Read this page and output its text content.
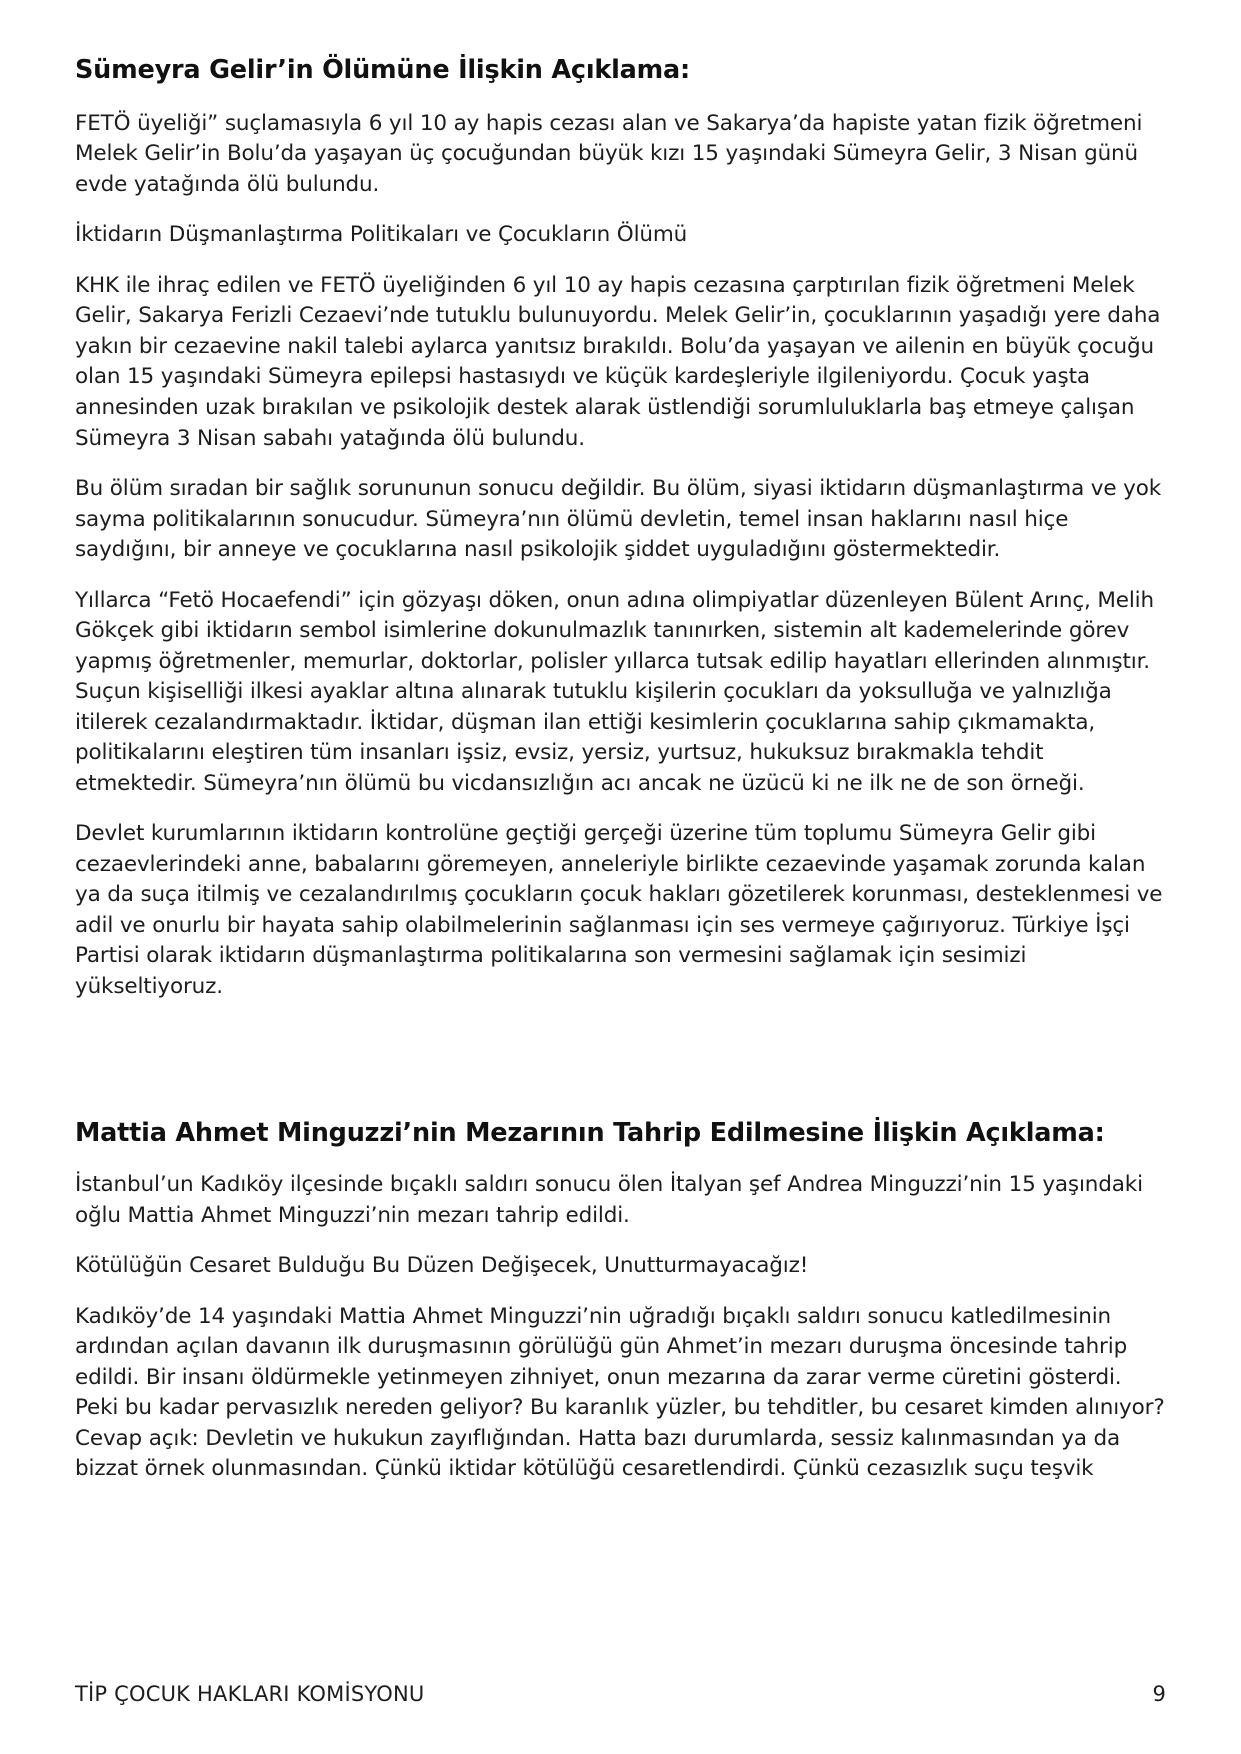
Sümeyra Gelir’in Ölümüne İlişkin Açıklama:

FETÖ üyeliği” suçlamasıyla 6 yıl 10 ay hapis cezası alan ve Sakarya’da hapiste yatan fizik öğretmeni Melek Gelir’in Bolu’da yaşayan üç çocuğundan büyük kızı 15 yaşındaki Sümeyra Gelir, 3 Nisan günü evde yatağında ölü bulundu.

İktidarın Düşmanlaştırma Politikaları ve Çocukların Ölümü

KHK ile ihraç edilen ve FETÖ üyeliğinden 6 yıl 10 ay hapis cezasına çarptırılan fizik öğretmeni Melek Gelir, Sakarya Ferizli Cezaevi’nde tutuklu bulunuyordu. Melek Gelir’in, çocuklarının yaşadığı yere daha yakın bir cezaevine nakil talebi aylarca yanıtsız bırakıldı. Bolu’da yaşayan ve ailenin en büyük çocuğu olan 15 yaşındaki Sümeyra epilepsi hastasıydı ve küçük kardeşleriyle ilgileniyordu. Çocuk yaşta annesinden uzak bırakılan ve psikolojik destek alarak üstlendiği sorumluluklarla baş etmeye çalışan Sümeyra 3 Nisan sabahı yatağında ölü bulundu.

Bu ölüm sıradan bir sağlık sorununun sonucu değildir. Bu ölüm, siyasi iktidarın düşmanlaştırma ve yok sayma politikalarının sonucudur. Sümeyra’nın ölümü devletin, temel insan haklarını nasıl hiçe saydığını, bir anneye ve çocuklarına nasıl psikolojik şiddet uyguladığını göstermektedir.

Yıllarca “Fetö Hocaefendi” için gözyaşı döken, onun adına olimpiyatlar düzenleyen Bülent Arınç, Melih Gökçek gibi iktidarın sembol isimlerine dokunulmazlık tanınırken, sistemin alt kademelerinde görev yapmış öğretmenler, memurlar, doktorlar, polisler yıllarca tutsak edilip hayatları ellerinden alınmıştır. Suçun kişiselliği ilkesi ayaklar altına alınarak tutuklu kişilerin çocukları da yoksulluğa ve yalnızlığa itilerek cezalandırmaktadır. İktidar, düşman ilan ettiği kesimlerin çocuklarına sahip çıkmamakta, politikalarını eleştiren tüm insanları işsiz, evsiz, yersiz, yurtsuz, hukuksuz bırakmakla tehdit etmektedir. Sümeyra’nın ölümü bu vicdansızlığın acı ancak ne üzücü ki ne ilk ne de son örneği.

Devlet kurumlarının iktidarın kontrolüne geçtiği gerçeği üzerine tüm toplumu Sümeyra Gelir gibi cezaevlerindeki anne, babalarını göremeyen, anneleriyle birlikte cezaevinde yaşamak zorunda kalan ya da suça itilmiş ve cezalandırılmış çocukların çocuk hakları gözetilerek korunması, desteklenmesi ve adil ve onurlu bir hayata sahip olabilmelerinin sağlanması için ses vermeye çağırıyoruz. Türkiye İşçi Partisi olarak iktidarın düşmanlaştırma politikalarına son vermesini sağlamak için sesimizi yükseltiyoruz.

Mattia Ahmet Minguzzi’nin Mezarının Tahrip Edilmesine İlişkin Açıklama:

İstanbul’un Kadıköy ilçesinde bıçaklı saldırı sonucu ölen İtalyan şef Andrea Minguzzi’nin 15 yaşındaki oğlu Mattia Ahmet Minguzzi’nin mezarı tahrip edildi.

Kötülüğün Cesaret Bulduğu Bu Düzen Değişecek, Unutturmayacağız!

Kadıköy’de 14 yaşındaki Mattia Ahmet Minguzzi’nin uğradığı bıçaklı saldırı sonucu katledilmesinin ardından açılan davanın ilk duruşmasının görülüğü gün Ahmet’in mezarı duruşma öncesinde tahrip edildi. Bir insanı öldürmekle yetinmeyen zihniyet, onun mezarına da zarar verme cüretini gösterdi. Peki bu kadar pervasızlık nereden geliyor? Bu karanlık yüzler, bu tehditler, bu cesaret kimden alınıyor? Cevap açık: Devletin ve hukukun zayıflığından. Hatta bazı durumlarda, sessiz kalınmasından ya da bizzat örnek olunmasından. Çünkü iktidar kötülüğü cesaretlendirdi. Çünkü cezasızlık suçu teşvik

TİP ÇOCUK HAKLARI KOMİSYONU	9
